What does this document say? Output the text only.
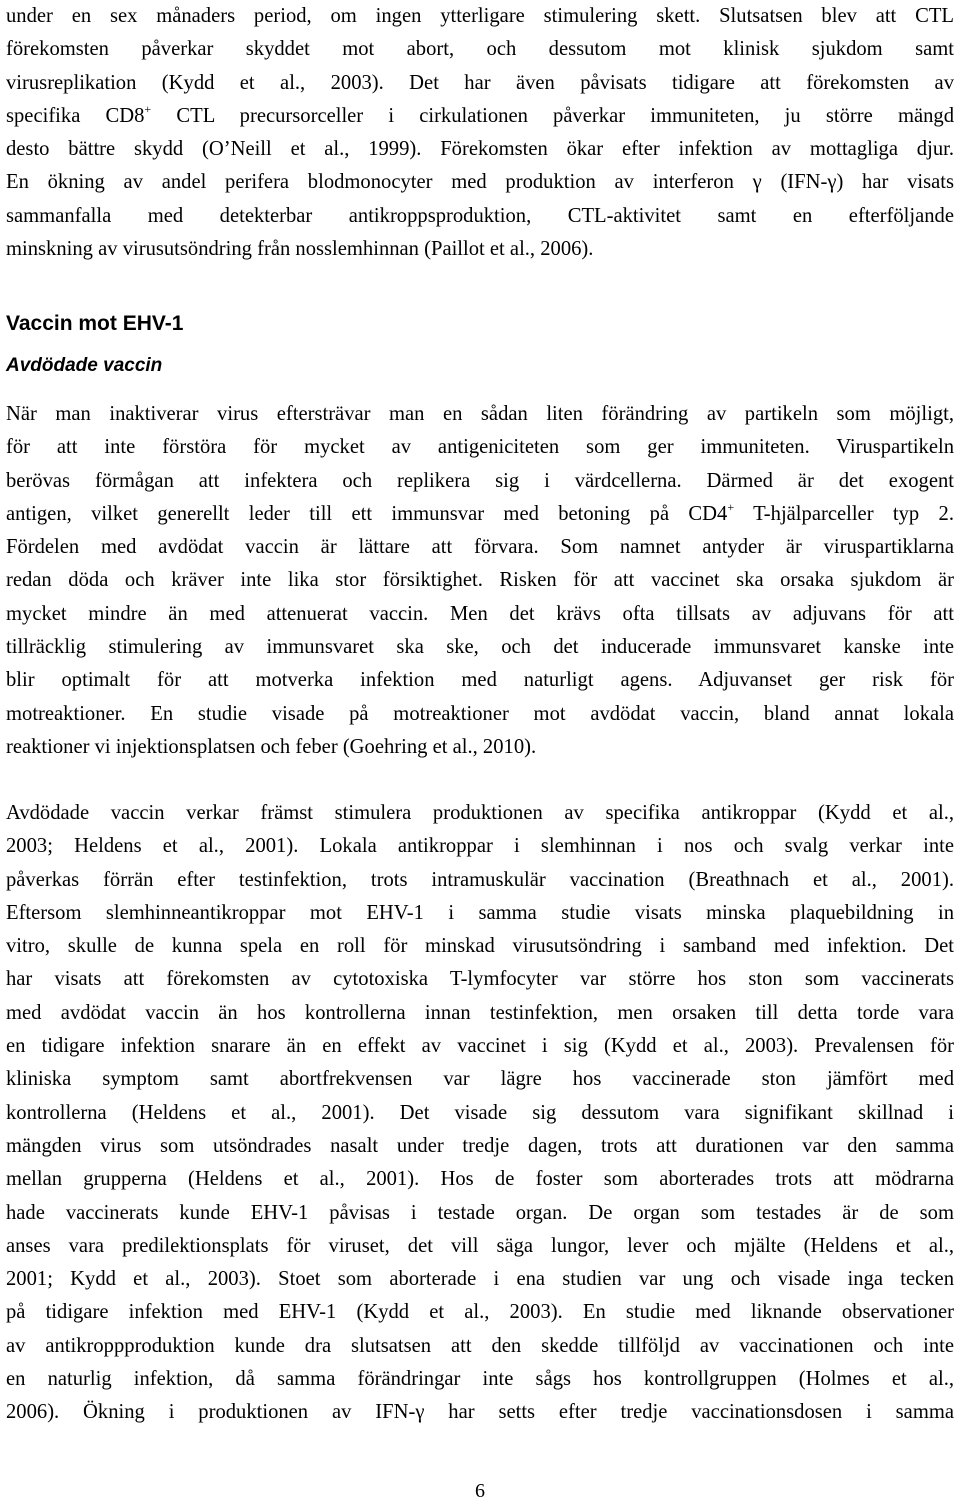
under en sex månaders period, om ingen ytterligare stimulering skett. Slutsatsen blev att CTL
förekomsten påverkar skyddet mot abort, och dessutom mot klinisk sjukdom samt
virusreplikation (Kydd et al., 2003). Det har även påvisats tidigare att förekomsten av
specifika CD8+ CTL precursorceller i cirkulationen påverkar immuniteten, ju större mängd
desto bättre skydd (O’Neill et al., 1999). Förekomsten ökar efter infektion av mottagliga djur.
En ökning av andel perifera blodmonocyter med produktion av interferon γ (IFN-γ) har visats
sammanfalla med detekterbar antikroppsproduktion, CTL-aktivitet samt en efterföljande
minskning av virusutsöndring från nosslemhinnan (Paillot et al., 2006).
Vaccin mot EHV-1
Avdödade vaccin
När man inaktiverar virus eftersträvar man en sådan liten förändring av partikeln som möjligt,
för att inte förstöra för mycket av antigeniciteten som ger immuniteten. Viruspartikeln
berövas förmågan att infektera och replikera sig i värdcellerna. Därmed är det exogent
antigen, vilket generellt leder till ett immunsvar med betoning på CD4+ T-hjälparceller typ 2.
Fördelen med avdödat vaccin är lättare att förvara. Som namnet antyder är viruspartiklarna
redan döda och kräver inte lika stor försiktighet. Risken för att vaccinet ska orsaka sjukdom är
mycket mindre än med attenuerat vaccin. Men det krävs ofta tillsats av adjuvans för att
tillräcklig stimulering av immunsvaret ska ske, och det inducerade immunsvaret kanske inte
blir optimalt för att motverka infektion med naturligt agens. Adjuvanset ger risk för
motreaktioner. En studie visade på motreaktioner mot avdödat vaccin, bland annat lokala
reaktioner vi injektionsplatsen och feber (Goehring et al., 2010).
Avdödade vaccin verkar främst stimulera produktionen av specifika antikroppar (Kydd et al.,
2003; Heldens et al., 2001). Lokala antikroppar i slemhinnan i nos och svalg verkar inte
påverkas förrän efter testinfektion, trots intramuskulär vaccination (Breathnach et al., 2001).
Eftersom slemhinneantikroppar mot EHV-1 i samma studie visats minska plaquebildning in
vitro, skulle de kunna spela en roll för minskad virusutsöndring i samband med infektion. Det
har visats att förekomsten av cytotoxiska T-lymfocyter var större hos ston som vaccinerats
med avdödat vaccin än hos kontrollerna innan testinfektion, men orsaken till detta torde vara
en tidigare infektion snarare än en effekt av vaccinet i sig (Kydd et al., 2003). Prevalensen för
kliniska symptom samt abortfrekvensen var lägre hos vaccinerade ston jämfört med
kontrollerna (Heldens et al., 2001). Det visade sig dessutom vara signifikant skillnad i
mängden virus som utsöndrades nasalt under tredje dagen, trots att durationen var den samma
mellan grupperna (Heldens et al., 2001). Hos de foster som aborterades trots att mödrarna
hade vaccinerats kunde EHV-1 påvisas i testade organ. De organ som testades är de som
anses vara predilektionsplats för viruset, det vill säga lungor, lever och mjälte (Heldens et al.,
2001; Kydd et al., 2003). Stoet som aborterade i ena studien var ung och visade inga tecken
på tidigare infektion med EHV-1 (Kydd et al., 2003). En studie med liknande observationer
av antikroppproduktion kunde dra slutsatsen att den skedde tillföljd av vaccinationen och inte
en naturlig infektion, då samma förändringar inte sågs hos kontrollgruppen (Holmes et al.,
2006). Ökning i produktionen av IFN-γ har setts efter tredje vaccinationsdosen i samma
6
